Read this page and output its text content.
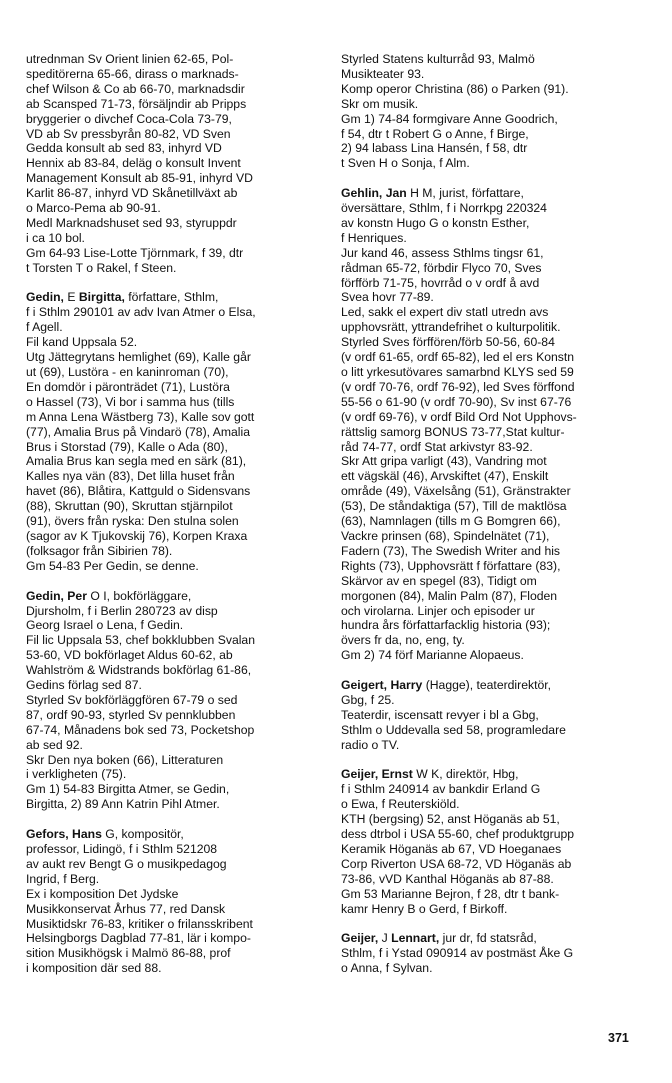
utrednman Sv Orient linien 62-65, Pol-

speditörerna 65-66, dirass o marknads-

chef Wilson & Co ab 66-70, marknadsdir

ab Scansped 71-73, försäljndir ab Pripps

bryggerier o divchef Coca-Cola 73-79,

VD ab Sv pressbyrån 80-82, VD Sven

Gedda konsult ab sed 83, inhyrd VD

Hennix ab 83-84, deläg o konsult Invent

Management Konsult ab 85-91, inhyrd VD

Karlit 86-87, inhyrd VD Skånetillväxt ab

o Marco-Pema ab 90-91.

Medl Marknadshuset sed 93, styruppdr

i ca 10 bol.

Gm 64-93 Lise-Lotte Tjörnmark, f 39, dtr

t Torsten T o Rakel, f Steen.

Gedin, E Birgitta, författare, Sthlm,

f i Sthlm 290101 av adv Ivan Atmer o Elsa,

f Agell.

Fil kand Uppsala 52.

Utg Jättegrytans hemlighet (69), Kalle går

ut (69), Lustöra - en kaninroman (70),

En domdör i päronträdet (71), Lustöra

o Hassel (73), Vi bor i samma hus (tills

m Anna Lena Wästberg 73), Kalle sov gott

(77), Amalia Brus på Vindarö (78), Amalia

Brus i Storstad (79), Kalle o Ada (80),

Amalia Brus kan segla med en särk (81),

Kalles nya vän (83), Det lilla huset från

havet (86), Blåtira, Kattguld o Sidensvans

(88), Skruttan (90), Skruttan stjärnpilot

(91), övers från ryska: Den stulna solen

(sagor av K Tjukovskij 76), Korpen Kraxa

(folksagor från Sibirien 78).

Gm 54-83 Per Gedin, se denne.

Gedin, Per O I, bokförläggare,

Djursholm, f i Berlin 280723 av disp

Georg Israel o Lena, f Gedin.

Fil lic Uppsala 53, chef bokklubben Svalan

53-60, VD bokförlaget Aldus 60-62, ab

Wahlström & Widstrands bokförlag 61-86,

Gedins förlag sed 87.

Styrled Sv bokförläggfören 67-79 o sed

87, ordf 90-93, styrled Sv pennklubben

67-74, Månadens bok sed 73, Pocketshop

ab sed 92.

Skr Den nya boken (66), Litteraturen

i verkligheten (75).

Gm 1) 54-83 Birgitta Atmer, se Gedin,

Birgitta, 2) 89 Ann Katrin Pihl Atmer.

Gefors, Hans G, kompositör,

professor, Lidingö, f i Sthlm 521208

av aukt rev Bengt G o musikpedagog

Ingrid, f Berg.

Ex i komposition Det Jydske

Musikkonservat Århus 77, red Dansk

Musiktidskr 76-83, kritiker o frilansskribent

Helsingborgs Dagblad 77-81, lär i kompo-

sition Musikhögsk i Malmö 86-88, prof

i komposition där sed 88.

Styrled Statens kulturråd 93, Malmö

Musikteater 93.

Komp operor Christina (86) o Parken (91).

Skr om musik.

Gm 1) 74-84 formgivare Anne Goodrich,

f 54, dtr t Robert G o Anne, f Birge,

2) 94 labass Lina Hansén, f 58, dtr

t Sven H o Sonja, f Alm.

Gehlin, Jan H M, jurist, författare,

översättare, Sthlm, f i Norrkpg 220324

av konstn Hugo G o konstn Esther,

f Henriques.

Jur kand 46, assess Sthlms tingsr 61,

rådman 65-72, förbdir Flyco 70, Sves

förfförb 71-75, hovrråd o v ordf å avd

Svea hovr 77-89.

Led, sakk el expert div statl utredn avs

upphovsrätt, yttrandefrihet o kulturpolitik.

Styrled Sves förffören/förb 50-56, 60-84

(v ordf 61-65, ordf 65-82), led el ers Konstn

o litt yrkesutövares samarbnd KLYS sed 59

(v ordf 70-76, ordf 76-92), led Sves förffond

55-56 o 61-90 (v ordf 70-90), Sv inst 67-76

(v ordf 69-76), v ordf Bild Ord Not Upphovs-

rättslig samorg BONUS 73-77,Stat kultur-

råd 74-77, ordf Stat arkivstyr 83-92.

Skr Att gripa varligt (43), Vandring mot

ett vägskäl (46), Arvskiftet (47), Enskilt

område (49), Växelsång (51), Gränstrakter

(53), De ståndaktiga (57), Till de maktlösa

(63), Namnlagen (tills m G Bomgren 66),

Vackre prinsen (68), Spindelnätet (71),

Fadern (73), The Swedish Writer and his

Rights (73), Upphovsrätt f författare (83),

Skärvor av en spegel (83), Tidigt om

morgonen (84), Malin Palm (87), Floden

och virolarna. Linjer och episoder ur

hundra års författarfacklig historia (93);

övers fr da, no, eng, ty.

Gm 2) 74 förf Marianne Alopaeus.

Geigert, Harry (Hagge), teaterdirektör,

Gbg, f 25.

Teaterdir, iscensatt revyer i bl a Gbg,

Sthlm o Uddevalla sed 58, programledare

radio o TV.

Geijer, Ernst W K, direktör, Hbg,

f i Sthlm 240914 av bankdir Erland G

o Ewa, f Reuterskiöld.

KTH (bergsing) 52, anst Höganäs ab 51,

dess dtrbol i USA 55-60, chef produktgrupp

Keramik Höganäs ab 67, VD Hoeganaes

Corp Riverton USA 68-72, VD Höganäs ab

73-86, vVD Kanthal Höganäs ab 87-88.

Gm 53 Marianne Bejron, f 28, dtr t bank-

kamr Henry B o Gerd, f Birkoff.

Geijer, J Lennart, jur dr, fd statsråd,

Sthlm, f i Ystad 090914 av postmäst Åke G

o Anna, f Sylvan.

371
